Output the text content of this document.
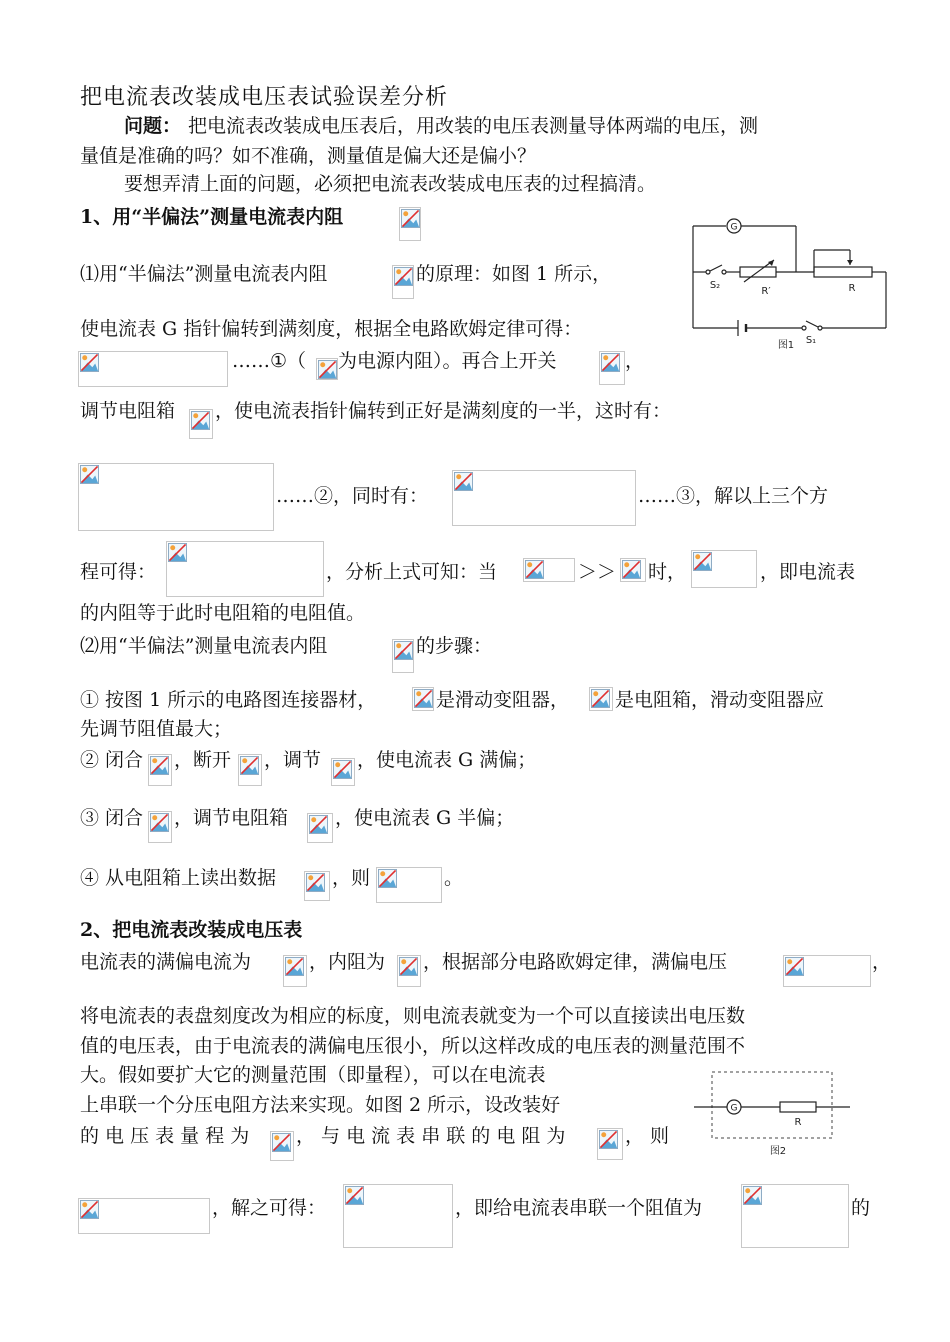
把电流表改装成电压表试验误差分析
问题： 把电流表改装成电压表后，用改装的电压表测量导体两端的电压，测
量值是准确的吗？如不准确，测量值是偏大还是偏小？
要想弄清上面的问题，必须把电流表改装成电压表的过程搞清。
1、用“半偏法”测量电流表内阻
⑴用“半偏法”测量电流表内阻	的原理：如图 1 所示，
使电流表 G 指针偏转到满刻度，根据全电路欧姆定律可得：
……①（ 为电源内阻）。再合上开关	，
调节电阻箱 ，使电流表指针偏转到正好是满刻度的一半，这时有：
……②，同时有：	……③，解以上三个方
程可得：	，分析上式可知：当	＞＞ 时，	，即电流表
的内阻等于此时电阻箱的电阻值。
⑵用“半偏法”测量电流表内阻	的步骤：
① 按图 1 所示的电路图连接器材，	是滑动变阻器， 是电阻箱，滑动变阻器应
先调节阻值最大；
② 闭合 ，断开 ，调节 ，使电流表 G 满偏；
③ 闭合 ，调节电阻箱 ，使电流表 G 半偏；
④ 从电阻箱上读出数据	，则	。
2、把电流表改装成电压表
电流表的满偏电流为	，内阻为 ，根据部分电路欧姆定律，满偏电压	，
将电流表的表盘刻度改为相应的标度，则电流表就变为一个可以直接读出电压数
值的电压表，由于电流表的满偏电压很小，所以这样改成的电压表的测量范围不
大。假如要扩大它的测量范围（即量程），可以在电流表
上串联一个分压电阻方法来实现。如图 2 所示，设改装好
的 电 压 表 量 程 为 ， 与 电 流 表 串 联 的 电 阻 为	， 则
，解之可得：	，即给电流表串联一个阻值为	的
G
S₂
R′	R
S₁
图1
G
R
图2
